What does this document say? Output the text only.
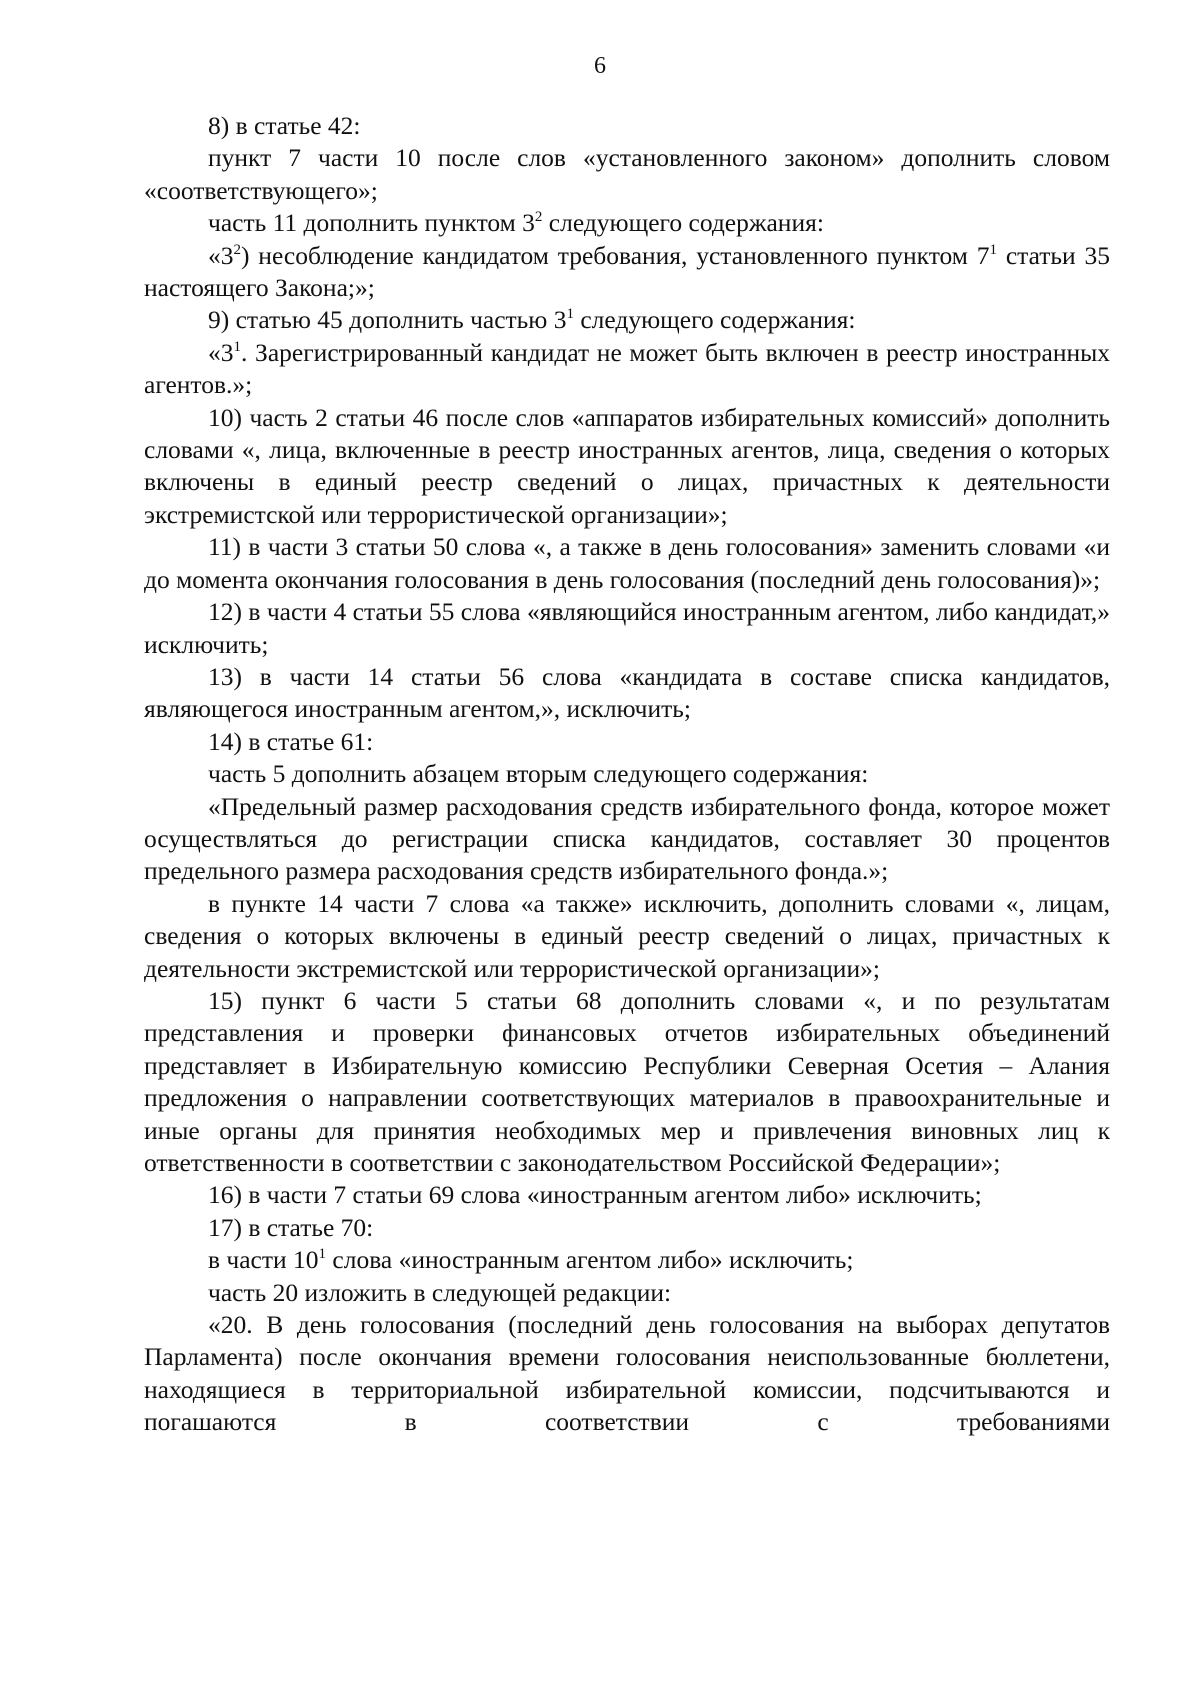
6

8) в статье 42:

пункт 7 части 10 после слов «установленного законом» дополнить словом «соответствующего»;

часть 11 дополнить пунктом $3^2$ следующего содержания:

«$3^2$) несоблюдение кандидатом требования, установленного пунктом $7^1$ статьи 35 настоящего Закона;»;

9) статью 45 дополнить частью $3^1$ следующего содержания:

«$3^1$. Зарегистрированный кандидат не может быть включен в реестр иностранных агентов.»;

10) часть 2 статьи 46 после слов «аппаратов избирательных комиссий» дополнить словами «, лица, включенные в реестр иностранных агентов, лица, сведения о которых включены в единый реестр сведений о лицах, причастных к деятельности экстремистской или террористической организации»;

11) в части 3 статьи 50 слова «, а также в день голосования» заменить словами «и до момента окончания голосования в день голосования (последний день голосования)»;

12) в части 4 статьи 55 слова «являющийся иностранным агентом, либо кандидат,» исключить;

13) в части 14 статьи 56 слова «кандидата в составе списка кандидатов, являющегося иностранным агентом,», исключить;

14) в статье 61:

часть 5 дополнить абзацем вторым следующего содержания:

«Предельный размер расходования средств избирательного фонда, которое может осуществляться до регистрации списка кандидатов, составляет 30 процентов предельного размера расходования средств избирательного фонда.»;

в пункте 14 части 7 слова «а также» исключить, дополнить словами «, лицам, сведения о которых включены в единый реестр сведений о лицах, причастных к деятельности экстремистской или террористической организации»;

15) пункт 6 части 5 статьи 68 дополнить словами «, и по результатам представления и проверки финансовых отчетов избирательных объединений представляет в Избирательную комиссию Республики Северная Осетия – Алания предложения о направлении соответствующих материалов в правоохранительные и иные органы для принятия необходимых мер и привлечения виновных лиц к ответственности в соответствии с законодательством Российской Федерации»;

16) в части 7 статьи 69 слова «иностранным агентом либо» исключить;

17) в статье 70:

в части $10^1$ слова «иностранным агентом либо» исключить;

часть 20 изложить в следующей редакции:

«20. В день голосования (последний день голосования на выборах депутатов Парламента) после окончания времени голосования неиспользованные бюллетени, находящиеся в территориальной избирательной комиссии, подсчитываются и погашаются в соответствии с требованиями
